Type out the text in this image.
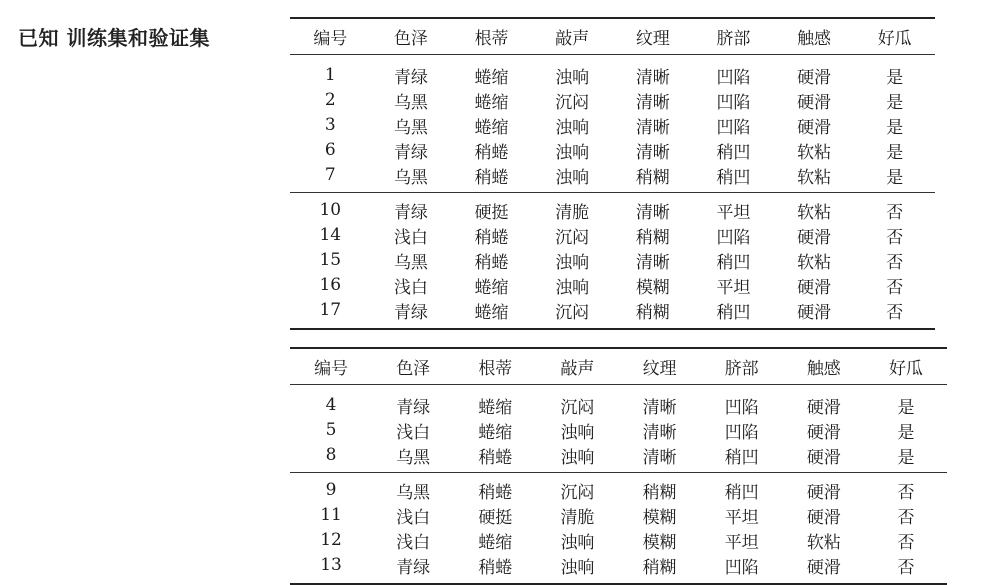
已知 训练集和验证集	编号	色泽	根蒂	敲声	纹理	脐部	触感	好瓜
1	青绿	蜷缩	浊响	清晰	凹陷	硬滑	是
2	乌黑	蜷缩	沉闷	清晰	凹陷	硬滑	是
3	乌黑	蜷缩	浊响	清晰	凹陷	硬滑	是
6	青绿	稍蜷	浊响	清晰	稍凹	软粘	是
7	乌黑	稍蜷	浊响	稍糊	稍凹	软粘	是
10	青绿	硬挺	清脆	清晰	平坦	软粘	否
14	浅白	稍蜷	沉闷	稍糊	凹陷	硬滑	否
15	乌黑	稍蜷	浊响	清晰	稍凹	软粘	否
16	浅白	蜷缩	浊响	模糊	平坦	硬滑	否
17	青绿	蜷缩	沉闷	稍糊	稍凹	硬滑	否
编号	色泽	根蒂	敲声	纹理	脐部	触感	好瓜
4	青绿	蜷缩	沉闷	清晰	凹陷	硬滑	是
5	浅白	蜷缩	浊响	清晰	凹陷	硬滑	是
8	乌黑	稍蜷	浊响	清晰	稍凹	硬滑	是
9	乌黑	稍蜷	沉闷	稍糊	稍凹	硬滑	否
11	浅白	硬挺	清脆	模糊	平坦	硬滑	否
12	浅白	蜷缩	浊响	模糊	平坦	软粘	否
13	青绿	稍蜷	浊响	稍糊	凹陷	硬滑	否
